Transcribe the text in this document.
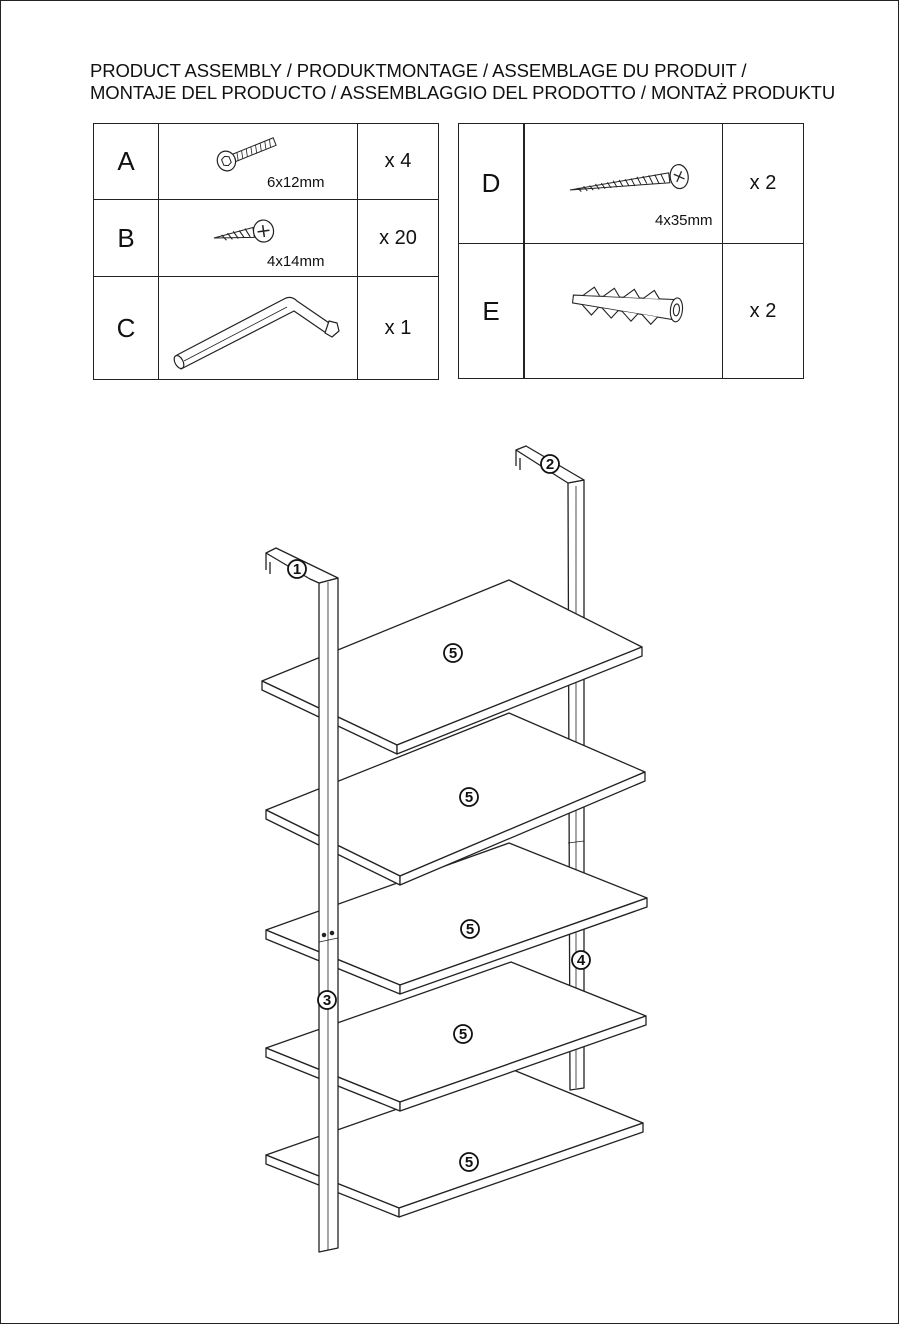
PRODUCT ASSEMBLY / PRODUKTMONTAGE / ASSEMBLAGE DU PRODUIT /
MONTAJE DEL PRODUCTO / ASSEMBLAGGIO DEL PRODOTTO / MONTAŻ PRODUKTU
A	6x12mm	x 4
B	4x14mm	x 20
C		x 1
D	4x35mm	x 2
E		x 2
1
2
3
4
5
5
5
5
5
